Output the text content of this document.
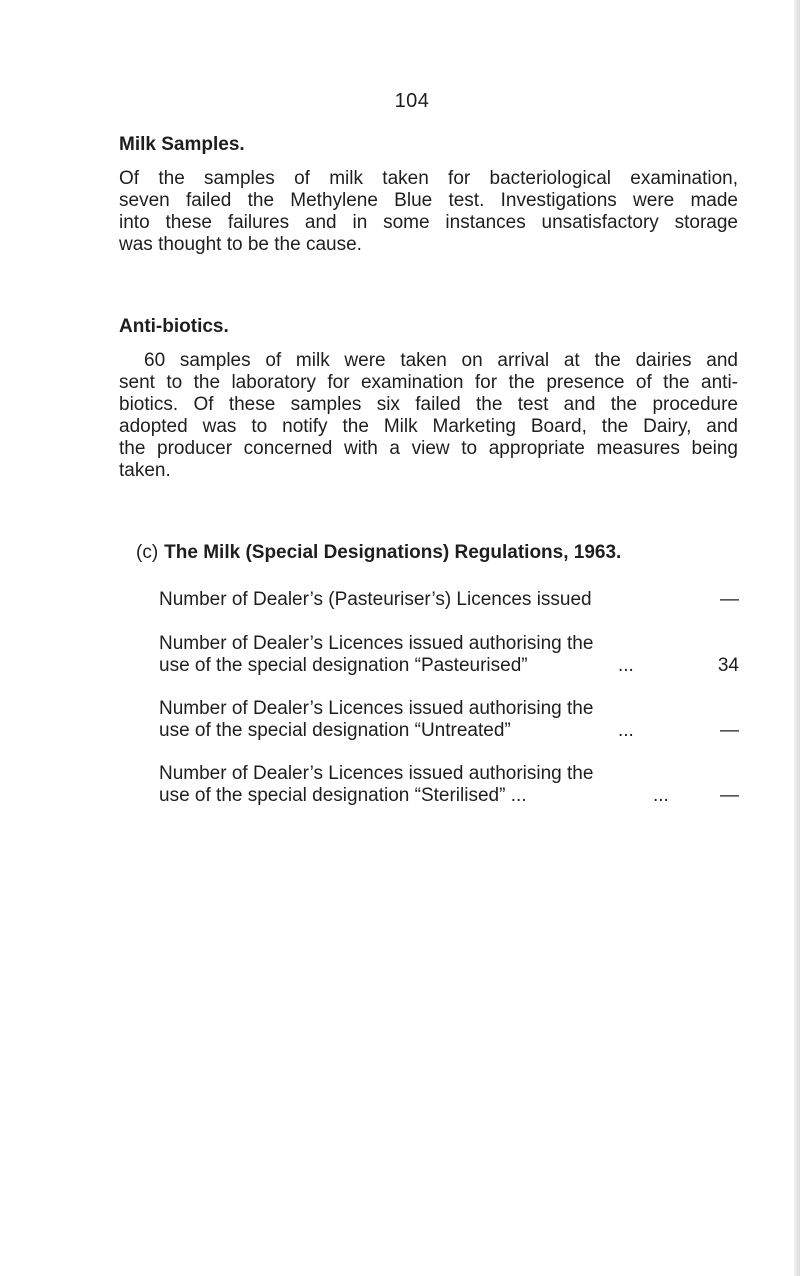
104
Milk Samples.
Of the samples of milk taken for bacteriological examination,
seven failed the Methylene Blue test. Investigations were made
into these failures and in some instances unsatisfactory storage
was thought to be the cause.
Anti-biotics.
60 samples of milk were taken on arrival at the dairies and
sent to the laboratory for examination for the presence of the anti-
biotics. Of these samples six failed the test and the procedure
adopted was to notify the Milk Marketing Board, the Dairy, and
the producer concerned with a view to appropriate measures being
taken.
(c) The Milk (Special Designations) Regulations, 1963.
Number of Dealer’s (Pasteuriser’s) Licences issued	—
Number of Dealer’s Licences issued authorising the
use of the special designation “Pasteurised”	...	34
Number of Dealer’s Licences issued authorising the
use of the special designation “Untreated”	...	—
Number of Dealer’s Licences issued authorising the
use of the special designation “Sterilised” ...	...	—
